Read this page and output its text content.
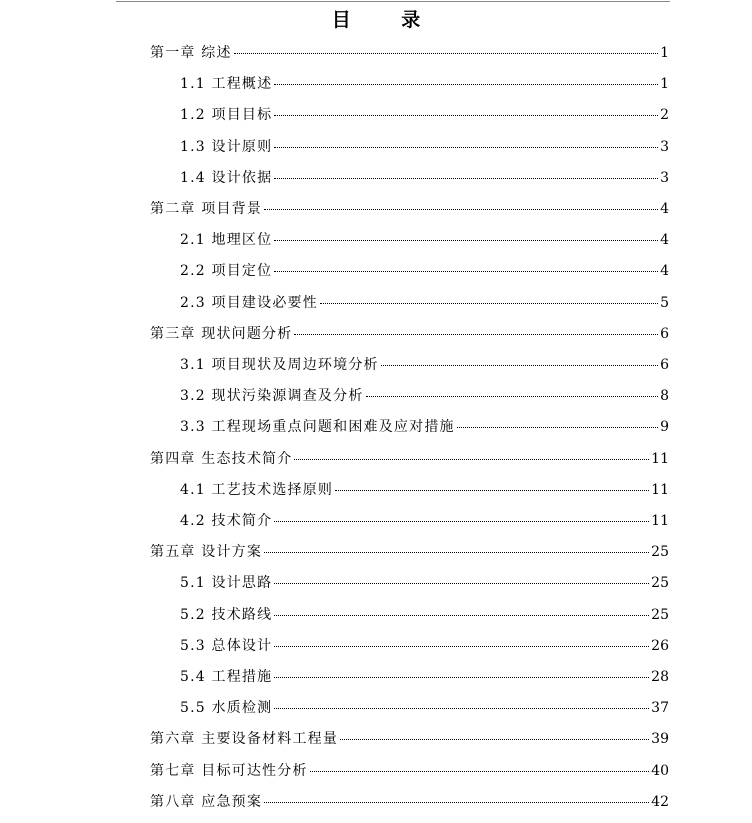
目 录
第一章 综述	1
1.1 工程概述	1
1.2 项目目标	2
1.3 设计原则	3
1.4 设计依据	3
第二章 项目背景	4
2.1 地理区位	4
2.2 项目定位	4
2.3 项目建设必要性	5
第三章 现状问题分析	6
3.1 项目现状及周边环境分析	6
3.2 现状污染源调查及分析	8
3.3 工程现场重点问题和困难及应对措施	9
第四章 生态技术简介	11
4.1 工艺技术选择原则	11
4.2 技术简介	11
第五章 设计方案	25
5.1 设计思路	25
5.2 技术路线	25
5.3 总体设计	26
5.4 工程措施	28
5.5 水质检测	37
第六章 主要设备材料工程量	39
第七章 目标可达性分析	40
第八章 应急预案	42
